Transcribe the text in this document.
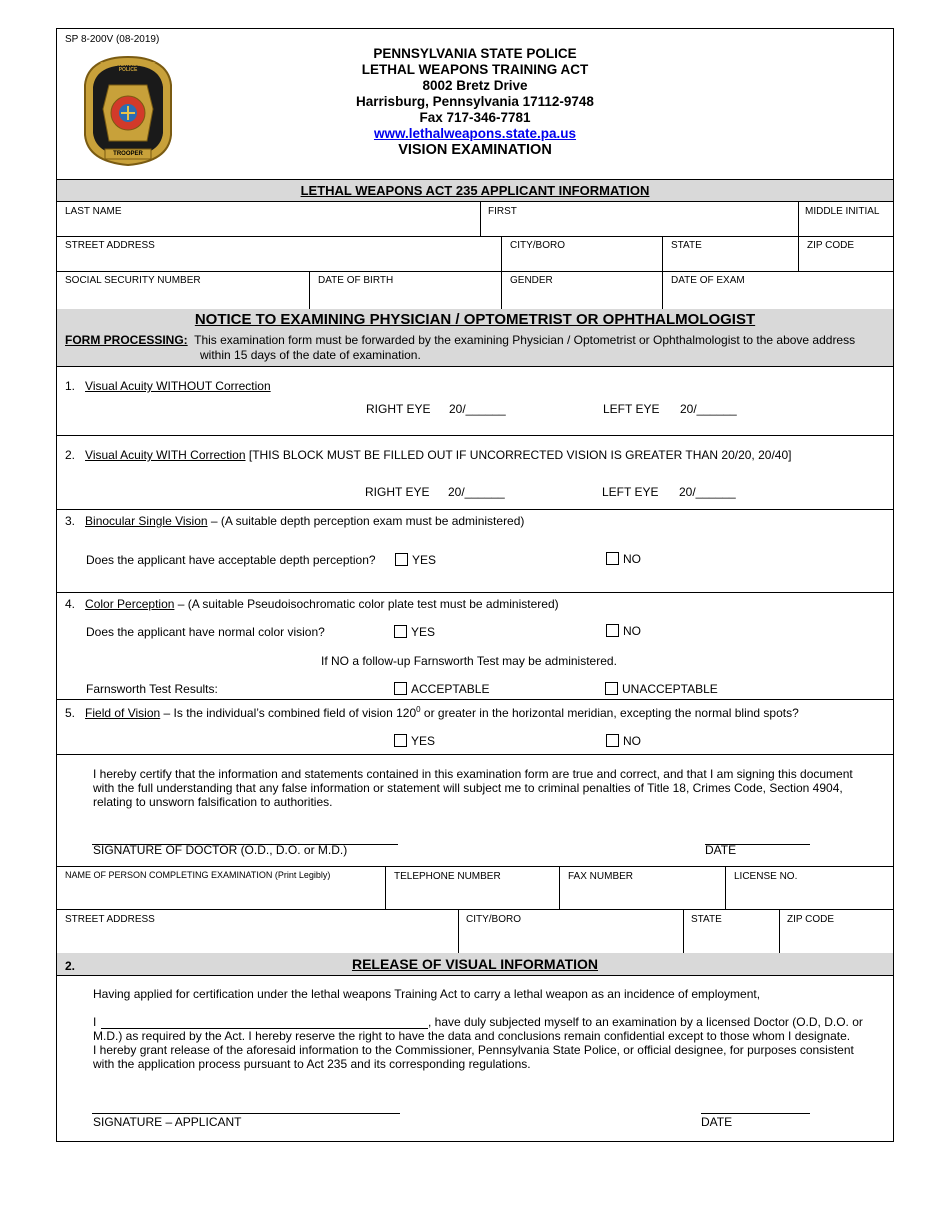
SP 8-200V (08-2019)
PENNSYLVANIA STATE POLICE
TROOPER
PENNSYLVANIA STATE POLICE
LETHAL WEAPONS TRAINING ACT
8002 Bretz Drive
Harrisburg, Pennsylvania 17112-9748
Fax 717-346-7781
www.lethalweapons.state.pa.us
VISION EXAMINATION
LETHAL WEAPONS ACT 235 APPLICANT INFORMATION
LAST NAME	FIRST	MIDDLE INITIAL
STREET ADDRESS	CITY/BORO	STATE	ZIP CODE
SOCIAL SECURITY NUMBER	DATE OF BIRTH	GENDER	DATE OF EXAM
NOTICE TO EXAMINING PHYSICIAN / OPTOMETRIST OR OPHTHALMOLOGIST
FORM PROCESSING: This examination form must be forwarded by the examining Physician / Optometrist or Ophthalmologist to the above address
within 15 days of the date of examination.
1. Visual Acuity WITHOUT Correction
RIGHT EYE 20/______	LEFT EYE 20/______
2. Visual Acuity WITH Correction [THIS BLOCK MUST BE FILLED OUT IF UNCORRECTED VISION IS GREATER THAN 20/20, 20/40]
RIGHT EYE 20/______	LEFT EYE 20/______
3. Binocular Single Vision – (A suitable depth perception exam must be administered)
Does the applicant have acceptable depth perception?	YES	NO
4. Color Perception – (A suitable Pseudoisochromatic color plate test must be administered)
Does the applicant have normal color vision?	YES	NO
If NO a follow-up Farnsworth Test may be administered.
Farnsworth Test Results:	ACCEPTABLE	UNACCEPTABLE
5. Field of Vision – Is the individual’s combined field of vision $120^0$ or greater in the horizontal meridian, excepting the normal blind spots?
YES	NO
I hereby certify that the information and statements contained in this examination form are true and correct, and that I am signing this document
with the full understanding that any false information or statement will subject me to criminal penalties of Title 18, Crimes Code, Section 4904,
relating to unsworn falsification to authorities.
SIGNATURE OF DOCTOR (O.D., D.O. or M.D.)	DATE
NAME OF PERSON COMPLETING EXAMINATION (Print Legibly)	TELEPHONE NUMBER	FAX NUMBER	LICENSE NO.
STREET ADDRESS	CITY/BORO	STATE	ZIP CODE
2.	RELEASE OF VISUAL INFORMATION
Having applied for certification under the lethal weapons Training Act to carry a lethal weapon as an incidence of employment,
I	, have duly subjected myself to an examination by a licensed Doctor (O.D, D.O. or
M.D.) as required by the Act. I hereby reserve the right to have the data and conclusions remain confidential except to those whom I designate.
I hereby grant release of the aforesaid information to the Commissioner, Pennsylvania State Police, or official designee, for purposes consistent
with the application process pursuant to Act 235 and its corresponding regulations.
SIGNATURE – APPLICANT	DATE
